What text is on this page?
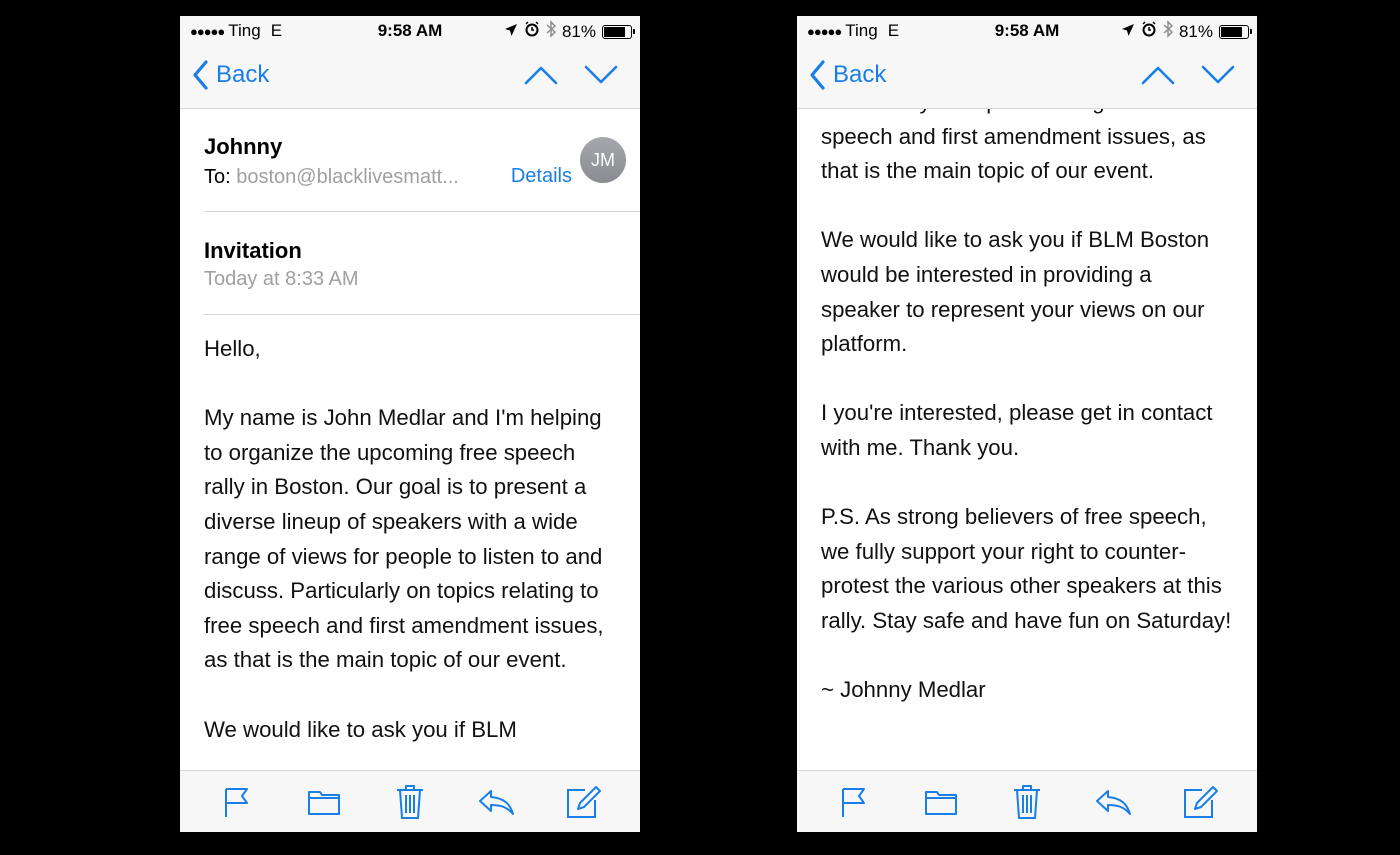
●●●●● Ting E	9:58 AM	81%
Back
Johnny
To: boston@blacklivesmatt...	Details
JM
Invitation
Today at 8:33 AM

Hello,

My name is John Medlar and I'm helping to organize the upcoming free speech rally in Boston. Our goal is to present a diverse lineup of speakers with a wide range of views for people to listen to and discuss. Particularly on topics relating to free speech and first amendment issues, as that is the main topic of our event.

We would like to ask you if BLM

●●●●● Ting E	9:58 AM	81%
Back

speech and first amendment issues, as that is the main topic of our event.

We would like to ask you if BLM Boston would be interested in providing a speaker to represent your views on our platform.

I you're interested, please get in contact with me. Thank you.

P.S. As strong believers of free speech, we fully support your right to counter-protest the various other speakers at this rally. Stay safe and have fun on Saturday!

~ Johnny Medlar
